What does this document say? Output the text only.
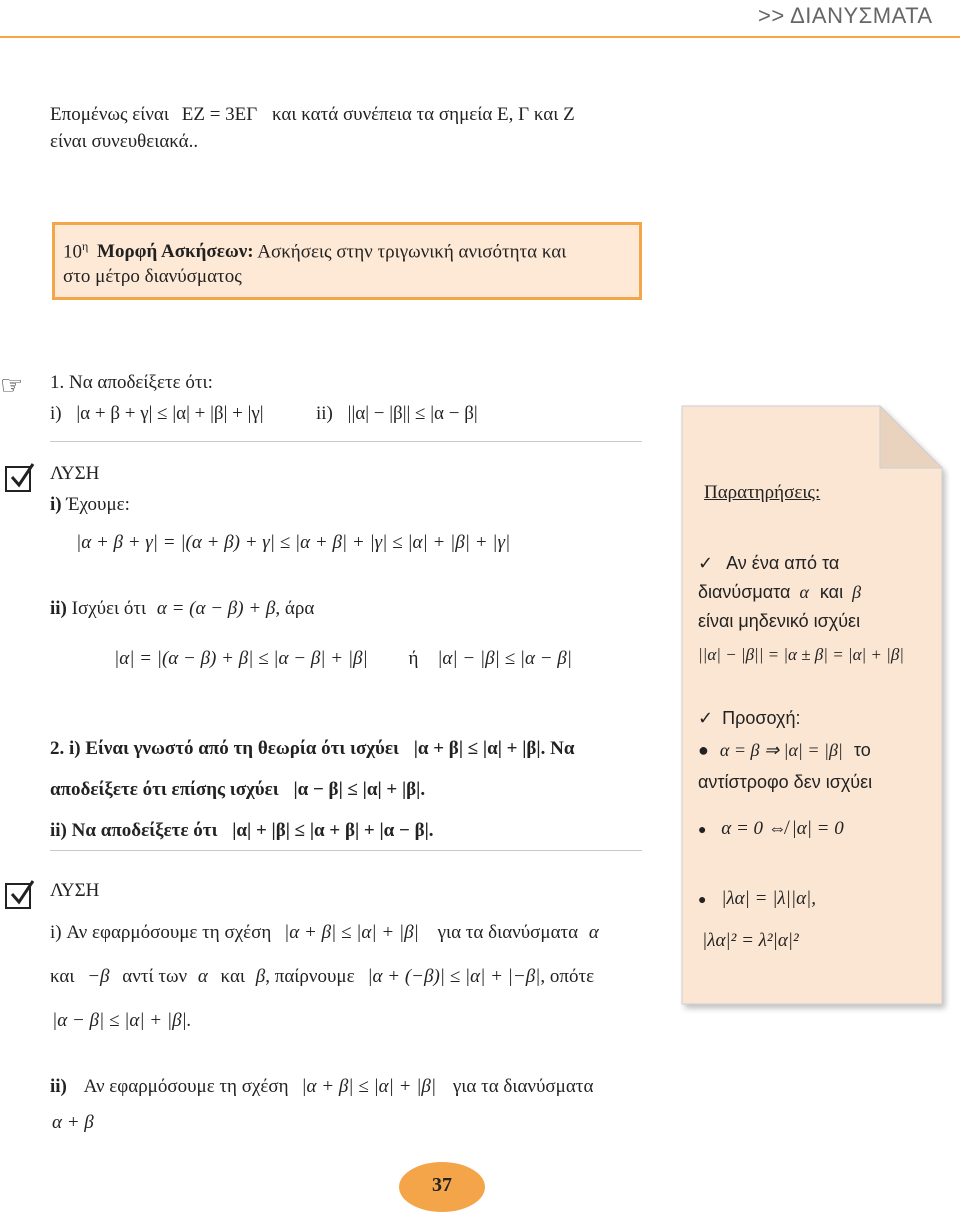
>> ΔΙΑΝΥΣΜΑΤΑ
Επομένως είναι EZ = 3EΓ και κατά συνέπεια τα σημεία Ε, Γ και Ζ
είναι συνευθειακά..
$10^\eta$ Μορφή Ασκήσεων: Ασκήσεις στην τριγωνική ανισότητα και
στο μέτρο διανύσματος
☞ 1. Να αποδείξετε ότι:
i) |α + β + γ| ≤ |α| + |β| + |γ|	ii) ||α| − |β|| ≤ |α − β|
ΛΥΣΗ
i) Έχουμε:
|α + β + γ| = |(α + β) + γ| ≤ |α + β| + |γ| ≤ |α| + |β| + |γ|
ii) Ισχύει ότι α = (α − β) + β, άρα
|α| = |(α − β) + β| ≤ |α − β| + |β| ή |α| − |β| ≤ |α − β|
2. i) Είναι γνωστό από τη θεωρία ότι ισχύει |α + β| ≤ |α| + |β|. Να
αποδείξετε ότι επίσης ισχύει |α − β| ≤ |α| + |β|.
ii) Να αποδείξετε ότι |α| + |β| ≤ |α + β| + |α − β|.
ΛΥΣΗ
i) Αν εφαρμόσουμε τη σχέση |α + β| ≤ |α| + |β| για τα διανύσματα α
και −β αντί των α και β, παίρνουμε |α + (−β)| ≤ |α| + |−β|, οπότε
|α − β| ≤ |α| + |β|.
ii) Αν εφαρμόσουμε τη σχέση |α + β| ≤ |α| + |β| για τα διανύσματα
α + β
Παρατηρήσεις:
✓ Αν ένα από τα
διανύσματα α και β
είναι μηδενικό ισχύει
||α| − |β|| = |α ± β| = |α| + |β|
✓ Προσοχή:
● α = β ⇒ |α| = |β| το
αντίστροφο δεν ισχύει
● α = 0 ⇎ |α| = 0
● |λα| = |λ||α|,
|λα|² = λ²|α|²
37
